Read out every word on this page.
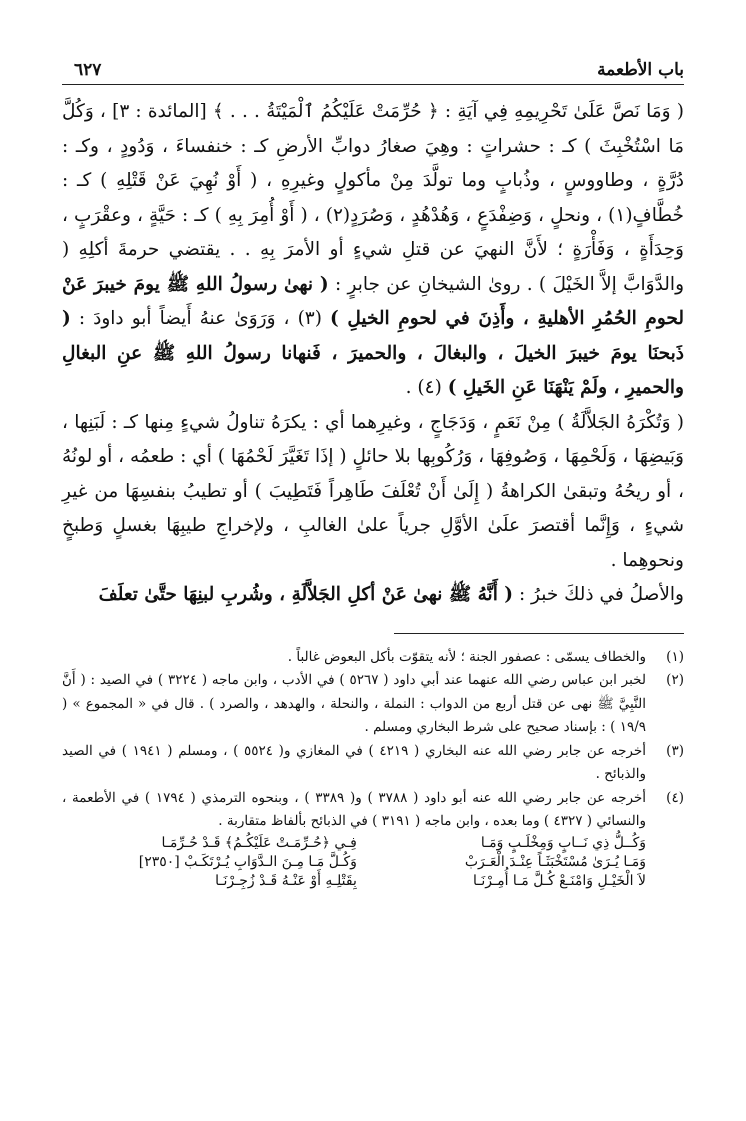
باب الأطعمة
٦٢٧

( وَمَا نَصَّ عَلَىٰ تَحْرِيمِهِ فِي آيَةِ : ﴿ حُرِّمَتْ عَلَيْكُمُ ٱلْمَيْتَةُ . . . ﴾ [المائدة : ٣] ، وَكُلَّ مَا اسْتُخْبِثَ ) كـ : حشراتٍ : وهِيَ صغارُ دوابِّ الأرضِ كـ : خنفساءَ ، وَدُودٍ ، وكـ : دُرَّةٍ ، وطاووسٍ ، وذُبابٍ وما تولَّدَ مِنْ مأكولٍ وغيرِهِ ، ( أَوْ نُهِيَ عَنْ قَتْلِهِ ) كـ : خُطَّافٍ(١) ، ونحلٍ ، وَضِفْدَعٍ ، وَهُدْهُدٍ ، وَصُرَدٍ(٢) ، ( أَوْ أُمِرَ بِهِ ) كـ : حَيَّةٍ ، وعقْرَبٍ ، وَحِدَأَةٍ ، وَفَأْرَةٍ ؛ لأَنَّ النهيَ عن قتلِ شيءٍ أو الأمرَ بِهِ . . يقتضي حرمةَ أكلِهِ ( والدَّوَابَّ إلاَّ الخَيْلَ ) . روىٰ الشيخانِ عن جابرٍ : ( نهىٰ رسولُ اللهِ ﷺ يومَ خيبرَ عَنْ لحومِ الحُمُرِ الأهليةِ ، وأَذِنَ في لحومِ الخيلِ ) (٣) ، وَرَوَىٰ عنهُ أَيضاً أبو داودَ : ( ذَبحنَا يومَ خيبرَ الخيلَ ، والبغالَ ، والحميرَ ، فَنهانا رسولُ اللهِ ﷺ عنِ البغالِ والحميرِ ، ولَمْ يَنْهَنَا عَنِ الخَيلِ ) (٤) .

( وَتُكْرَهُ الجَلاَّلَةُ ) مِنْ نَعَمٍ ، وَدَجَاجٍ ، وغيرِهما أي : يكرَهُ تناولُ شيءٍ مِنها كـ : لَبَنِها ، وَبَيضِهَا ، وَلَحْمِهَا ، وَصُوفِهَا ، وَرُكُوبِها بلا حائلٍ ( إذَا تَغَيَّرَ لَحْمُهَا ) أي : طعمُه ، أو لونُهُ ، أو ريحُهُ وتبقىٰ الكراهةُ ( إِلَىٰ أَنْ تُعْلَفَ طَاهِراً فَتَطِيبَ ) أو تطيبُ بنفسِهَا من غيرِ شيءٍ ، وَإِنَّما أقتصرَ علَىٰ الأوَّلِ جرياً علىٰ الغالبِ ، ولإخراجِ طيبِهَا بغسلٍ وَطبخٍ ونحوهِما .

والأصلُ في ذلكَ خبرُ : ( أَنَّهُ ﷺ نهىٰ عَنْ أكلِ الجَلاَّلَةِ ، وشُربِ لبنِهَا حتَّىٰ تعلَفَ

(١)
والخطاف يسمّى : عصفور الجنة ؛ لأنه يتقوّت بأكل البعوض غالباً .
(٢)
لخبر ابن عباس رضي الله عنهما عند أبي داود ( ٥٢٦٧ ) في الأدب ، وابن ماجه ( ٣٢٢٤ ) في الصيد : ( أَنَّ النَّبِيَّ ﷺ نهى عن قتل أربع من الدواب : النملة ، والنحلة ، والهدهد ، والصرد ) . قال في « المجموع » ( ١٩/٩ ) : بإسناد صحيح على شرط البخاري ومسلم .
(٣)
أخرجه عن جابر رضي الله عنه البخاري ( ٤٢١٩ ) في المغازي و( ٥٥٢٤ ) ، ومسلم ( ١٩٤١ ) في الصيد والذبائح .
(٤)
أخرجه عن جابر رضي الله عنه أبو داود ( ٣٧٨٨ ) و( ٣٣٨٩ ) ، وبنحوه الترمذي ( ١٧٩٤ ) في الأطعمة ، والنسائي ( ٤٣٢٧ ) وما بعده ، وابن ماجه ( ٣١٩١ ) في الذبائح بألفاظ متقاربة .
وَكُــلُّ ذِي نَــابٍ وَمِخْلَـبٍ وَمَـا
فِـي ﴿حُـرِّمَـتْ عَلَيْكُـمُ﴾ قَـدْ حُـرِّمَـا
وَمَـا يُـرَىٰ مُسْتَخْبَثَـاً عِنْـدَ الْعَـرَبْ
وَكُـلَّ مَـا مِـنَ الـدَّوَابِ يُـرْتَكَـبْ [٢٣٥٠]
لاَ الْخَيْـلِ وَامْنَـعْ كُـلَّ مَـا أُمِـرْنَـا
بِقَتْلِـهِ أَوْ عَنْـهُ قَـدْ زُجِـرْنَـا
